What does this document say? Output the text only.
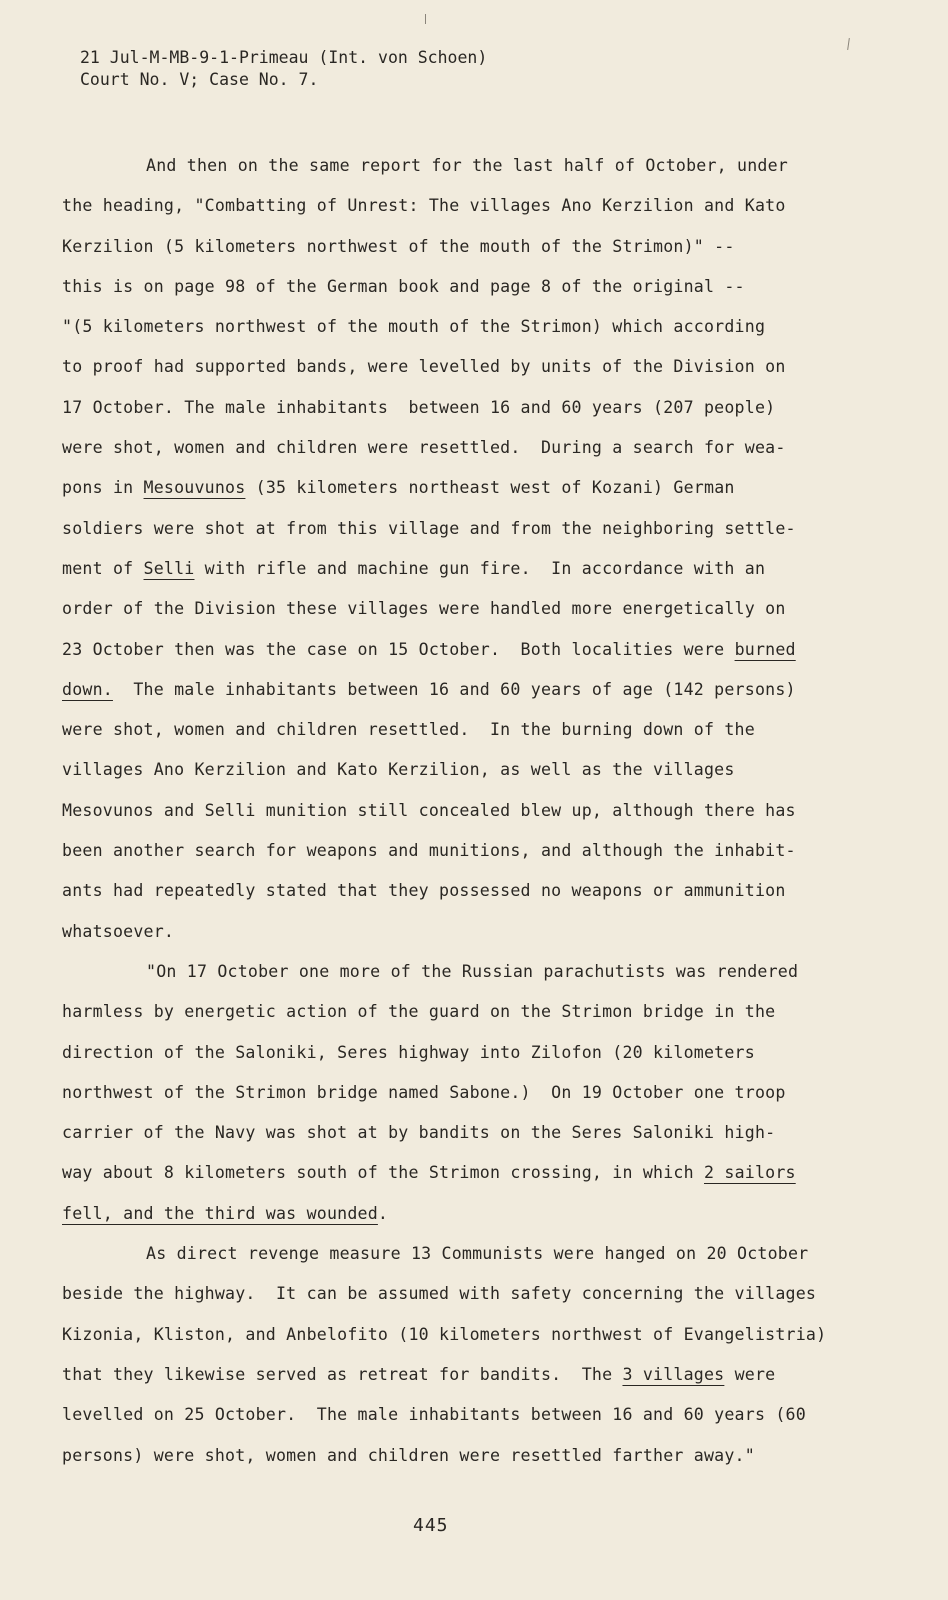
21 Jul-M-MB-9-1-Primeau (Int. von Schoen)
Court No. V; Case No. 7.
And then on the same report for the last half of October, under
the heading, "Combatting of Unrest: The villages Ano Kerzilion and Kato
Kerzilion (5 kilometers northwest of the mouth of the Strimon)" --
this is on page 98 of the German book and page 8 of the original --
"(5 kilometers northwest of the mouth of the Strimon) which according
to proof had supported bands, were levelled by units of the Division on
17 October. The male inhabitants  between 16 and 60 years (207 people)
were shot, women and children were resettled.  During a search for wea-
pons in Mesouvunos (35 kilometers northeast west of Kozani) German
soldiers were shot at from this village and from the neighboring settle-
ment of Selli with rifle and machine gun fire.  In accordance with an
order of the Division these villages were handled more energetically on
23 October then was the case on 15 October.  Both localities were burned
down.  The male inhabitants between 16 and 60 years of age (142 persons)
were shot, women and children resettled.  In the burning down of the
villages Ano Kerzilion and Kato Kerzilion, as well as the villages
Mesovunos and Selli munition still concealed blew up, although there has
been another search for weapons and munitions, and although the inhabit-
ants had repeatedly stated that they possessed no weapons or ammunition
whatsoever.
"On 17 October one more of the Russian parachutists was rendered
harmless by energetic action of the guard on the Strimon bridge in the
direction of the Saloniki, Seres highway into Zilofon (20 kilometers
northwest of the Strimon bridge named Sabone.)  On 19 October one troop
carrier of the Navy was shot at by bandits on the Seres Saloniki high-
way about 8 kilometers south of the Strimon crossing, in which 2 sailors
fell, and the third was wounded.
As direct revenge measure 13 Communists were hanged on 20 October
beside the highway.  It can be assumed with safety concerning the villages
Kizonia, Kliston, and Anbelofito (10 kilometers northwest of Evangelistria)
that they likewise served as retreat for bandits.  The 3 villages were
levelled on 25 October.  The male inhabitants between 16 and 60 years (60
persons) were shot, women and children were resettled farther away."
445
